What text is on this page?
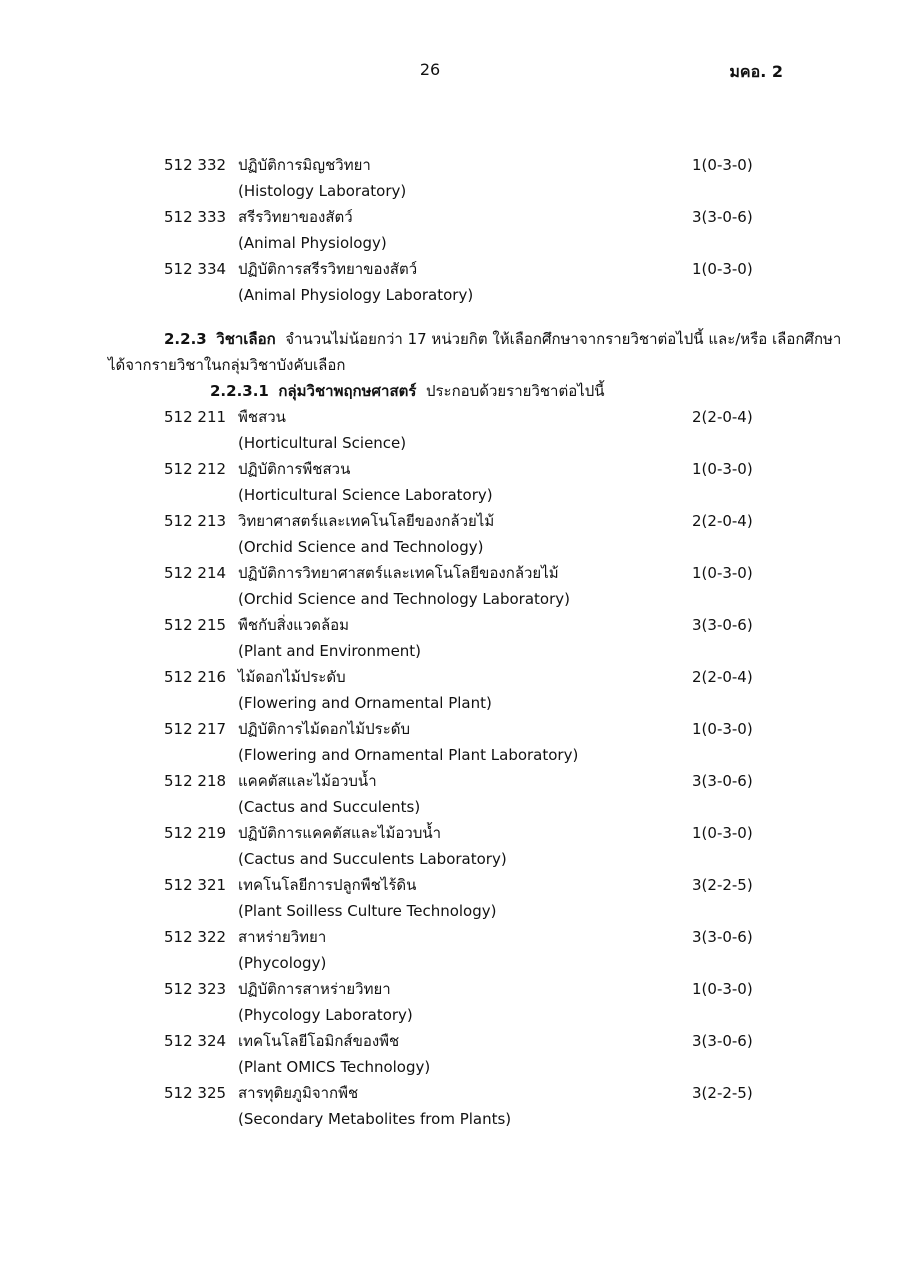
26	มคอ. 2
512 332 ปฏิบัติการมิญชวิทยา	1(0-3-0)
(Histology Laboratory)
512 333 สรีรวิทยาของสัตว์	3(3-0-6)
(Animal Physiology)
512 334 ปฏิบัติการสรีรวิทยาของสัตว์	1(0-3-0)
(Animal Physiology Laboratory)
2.2.3 วิชาเลือก จำนวนไม่น้อยกว่า 17 หน่วยกิต ให้เลือกศึกษาจากรายวิชาต่อไปนี้ และ/หรือ เลือกศึกษา
ได้จากรายวิชาในกลุ่มวิชาบังคับเลือก
2.2.3.1 กลุ่มวิชาพฤกษศาสตร์ ประกอบด้วยรายวิชาต่อไปนี้
512 211 พืชสวน	2(2-0-4)
(Horticultural Science)
512 212 ปฏิบัติการพืชสวน	1(0-3-0)
(Horticultural Science Laboratory)
512 213 วิทยาศาสตร์และเทคโนโลยีของกล้วยไม้	2(2-0-4)
(Orchid Science and Technology)
512 214 ปฏิบัติการวิทยาศาสตร์และเทคโนโลยีของกล้วยไม้	1(0-3-0)
(Orchid Science and Technology Laboratory)
512 215 พืชกับสิ่งแวดล้อม	3(3-0-6)
(Plant and Environment)
512 216 ไม้ดอกไม้ประดับ	2(2-0-4)
(Flowering and Ornamental Plant)
512 217 ปฏิบัติการไม้ดอกไม้ประดับ	1(0-3-0)
(Flowering and Ornamental Plant Laboratory)
512 218 แคคตัสและไม้อวบน้ำ	3(3-0-6)
(Cactus and Succulents)
512 219 ปฏิบัติการแคคตัสและไม้อวบน้ำ	1(0-3-0)
(Cactus and Succulents Laboratory)
512 321 เทคโนโลยีการปลูกพืชไร้ดิน	3(2-2-5)
(Plant Soilless Culture Technology)
512 322 สาหร่ายวิทยา	3(3-0-6)
(Phycology)
512 323 ปฏิบัติการสาหร่ายวิทยา	1(0-3-0)
(Phycology Laboratory)
512 324 เทคโนโลยีโอมิกส์ของพืช	3(3-0-6)
(Plant OMICS Technology)
512 325 สารทุติยภูมิจากพืช	3(2-2-5)
(Secondary Metabolites from Plants)
